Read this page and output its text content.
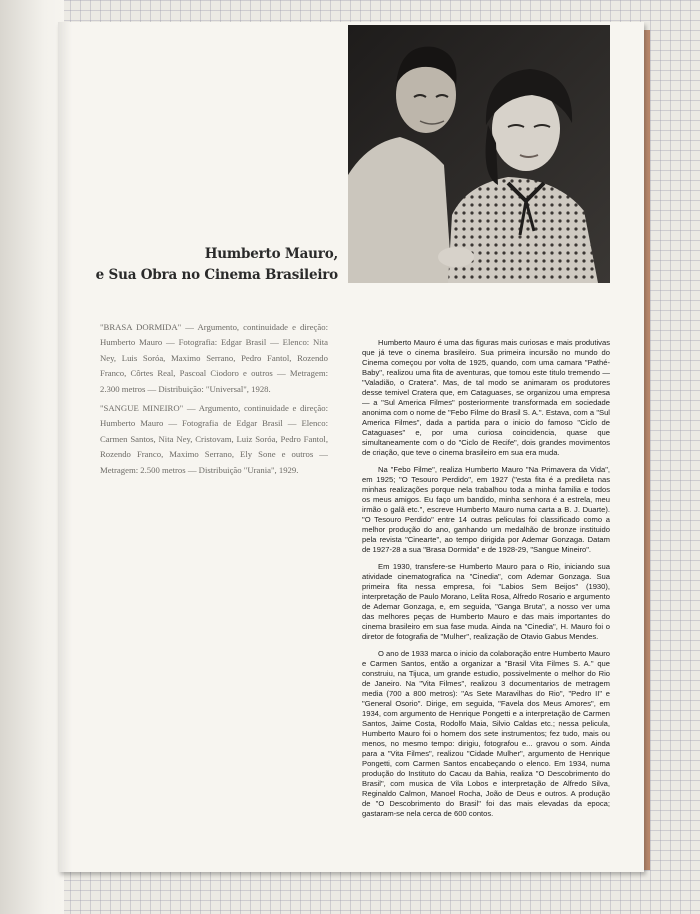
Humberto Mauro,
e Sua Obra no Cinema Brasileiro

"BRASA DORMIDA" — Argumento, continuidade e direção: Humberto Mauro — Fotografia: Edgar Brasil — Elenco: Nita Ney, Luis Soróa, Maximo Serrano, Pedro Fantol, Rozendo Franco, Côrtes Real, Pascoal Ciodoro e outros — Metragem: 2.300 metros — Distribuição: "Universal", 1928.

"SANGUE MINEIRO" — Argumento, continuidade e direção: Humberto Mauro — Fotografia de Edgar Brasil — Elenco: Carmen Santos, Nita Ney, Cristovam, Luiz Soróa, Pedro Fantol, Rozendo Franco, Maximo Serrano, Ely Sone e outros — Metragem: 2.500 metros — Distribuição "Urania", 1929.

Humberto Mauro é uma das figuras mais curiosas e mais produtivas que já teve o cinema brasileiro. Sua primeira incursão no mundo do Cinema começou por volta de 1925, quando, com uma camara "Pathé-Baby", realizou uma fita de aventuras, que tomou este titulo tremendo — "Valadião, o Cratera". Mas, de tal modo se animaram os produtores desse temivel Cratera que, em Cataguases, se organizou uma empresa — a "Sul America Filmes" posteriormente transformada em sociedade anonima com o nome de "Febo Filme do Brasil S. A.". Estava, com a "Sul America Filmes", dada a partida para o inicio do famoso "Ciclo de Cataguases" e, por uma curiosa coincidencia, quase que simultaneamente com o do "Ciclo de Recife", dois grandes movimentos de criação, que teve o cinema brasileiro em sua era muda.

Na "Febo Filme", realiza Humberto Mauro "Na Primavera da Vida", em 1925; "O Tesouro Perdido", em 1927 ("esta fita é a predileta nas minhas realizações porque nela trabalhou toda a minha familia e todos os meus amigos. Eu faço um bandido, minha senhora é a estrela, meu irmão o galã etc.", escreve Humberto Mauro numa carta a B. J. Duarte). "O Tesouro Perdido" entre 14 outras peliculas foi classificado como a melhor produção do ano, ganhando um medalhão de bronze instituido pela revista "Cinearte", ao tempo dirigida por Ademar Gonzaga. Datam de 1927-28 a sua "Brasa Dormida" e de 1928-29, "Sangue Mineiro".

Em 1930, transfere-se Humberto Mauro para o Rio, iniciando sua atividade cinematografica na "Cinedia", com Ademar Gonzaga. Sua primeira fita nessa empresa, foi "Labios Sem Beijos" (1930), interpretação de Paulo Morano, Lelita Rosa, Alfredo Rosario e argumento de Ademar Gonzaga, e, em seguida, "Ganga Bruta", a nosso ver uma das melhores peças de Humberto Mauro e das mais importantes do cinema brasileiro em sua fase muda. Ainda na "Cinedia", H. Mauro foi o diretor de fotografia de "Mulher", realização de Otavio Gabus Mendes.

O ano de 1933 marca o inicio da colaboração entre Humberto Mauro e Carmen Santos, então a organizar a "Brasil Vita Filmes S. A." que construiu, na Tijuca, um grande estudio, possivelmente o melhor do Rio de Janeiro. Na "Vita Filmes", realizou 3 documentarios de metragem media (700 a 800 metros): "As Sete Maravilhas do Rio", "Pedro II" e "General Osorio". Dirige, em seguida, "Favela dos Meus Amores", em 1934, com argumento de Henrique Pongetti e a interpretação de Carmen Santos, Jaime Costa, Rodolfo Maia, Silvio Caldas etc.; nessa pelicula, Humberto Mauro foi o homem dos sete instrumentos; fez tudo, mais ou menos, no mesmo tempo: dirigiu, fotografou e... gravou o som. Ainda para a "Vita Filmes", realizou "Cidade Mulher", argumento de Henrique Pongetti, com Carmen Santos encabeçando o elenco. Em 1934, numa produção do Instituto do Cacau da Bahia, realiza "O Descobrimento do Brasil", com musica de Vila Lobos e interpretação de Alfredo Silva, Reginaldo Calmon, Manoel Rocha, João de Deus e outros. A produção de "O Descobrimento do Brasil" foi das mais elevadas da epoca; gastaram-se nela cerca de 600 contos.
